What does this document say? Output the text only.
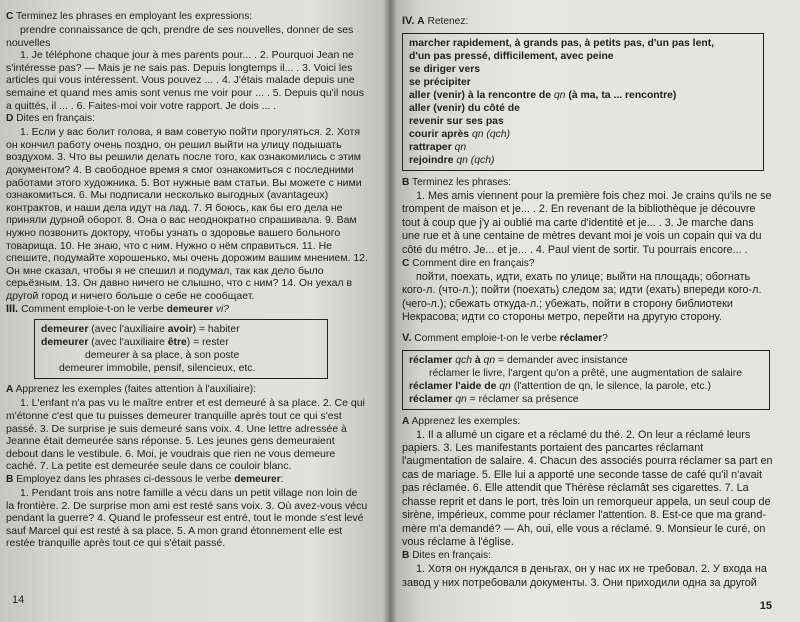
C Terminez les phrases en employant les expressions:

prendre connaissance de qch, prendre de ses nouvelles, donner de ses nouvelles

1. Je téléphone chaque jour à mes parents pour... . 2. Pourquoi Jean ne s'intéresse pas? — Mais je ne sais pas. Depuis longtemps il... . 3. Voici les articles qui vous intéressent. Vous pouvez ... . 4. J'étais malade depuis une semaine et quand mes amis sont venus me voir pour ... . 5. Depuis qu'il nous a quittés, il ... . 6. Faites-moi voir votre rapport. Je dois ... .

D Dites en français:

1. Если у вас болит голова, я вам советую пойти прогуляться. 2. Хотя он кончил работу очень поздно, он решил выйти на улицу подышать воздухом. 3. Что вы решили делать после того, как ознакомились с этим документом? 4. В свободное время я смог ознакомиться с последними работами этого художника. 5. Вот нужные вам статьи. Вы можете с ними ознакомиться. 6. Мы подписали несколько выгодных (avantageux) контрактов, и наши дела идут на лад. 7. Я боюсь, как бы его дела не приняли дурной оборот. 8. Она о вас неоднократно спрашивала. 9. Вам нужно позвонить доктору, чтобы узнать о здоровье вашего больного товарища. 10. Не знаю, что с ним. Нужно о нём справиться. 11. Не спешите, подумайте хорошенько, мы очень дорожим вашим мнением. 12. Он мне сказал, чтобы я не спешил и подумал, так как дело было серьёзным. 13. Он давно ничего не слышно, что с ним? 14. Он уехал в другой город и ничего больше о себе не сообщает.

III. Comment emploie-t-on le verbe demeurer vi?

demeurer (avec l'auxiliaire avoir) = habiter
demeurer (avec l'auxiliaire être) = rester
demeurer à sa place, à son poste
demeurer immobile, pensif, silencieux, etc.

A Apprenez les exemples (faites attention à l'auxiliaire):

1. L'enfant n'a pas vu le maître entrer et est demeuré à sa place. 2. Ce qui m'étonne c'est que tu puisses demeurer tranquille après tout ce qui s'est passé. 3. De surprise je suis demeuré sans voix. 4. Une lettre adressée à Jeanne était demeurée sans réponse. 5. Les jeunes gens demeuraient debout dans le vestibule. 6. Moi, je voudrais que rien ne vous demeure caché. 7. La petite est demeurée seule dans ce couloir blanc.

B Employez dans les phrases ci-dessous le verbe demeurer:

1. Pendant trois ans notre famille a vécu dans un petit village non loin de la frontière. 2. De surprise mon ami est resté sans voix. 3. Où avez-vous vécu pendant la guerre? 4. Quand le professeur est entré, tout le monde s'est levé sauf Marcel qui est resté à sa place. 5. A mon grand étonnement elle est restée tranquille après tout ce qui s'était passé.

14

IV. A Retenez:

marcher rapidement, à grands pas, à petits pas, d'un pas lent,
d'un pas pressé, difficilement, avec peine
se diriger vers
se précipiter
aller (venir) à la rencontre de qn (à ma, ta ... rencontre)
aller (venir) du côté de
revenir sur ses pas
courir après qn (qch)
rattraper qn
rejoindre qn (qch)

B Terminez les phrases:

1. Mes amis viennent pour la première fois chez moi. Je crains qu'ils ne se trompent de maison et je... . 2. En revenant de la bibliothèque je découvre tout à coup que j'y ai oublié ma carte d'identité et je... . 3. Je marche dans une rue et à une centaine de mètres devant moi je vois un copain qui va du côté du métro. Je... et je... . 4. Paul vient de sortir. Tu pourrais encore... .

C Comment dire en français?

пойти, поехать, идти, ехать по улице; выйти на площадь; обогнать кого-л. (что-л.); пойти (поехать) следом за; идти (ехать) впереди кого-л. (чего-л.); сбежать откуда-л.; убежать, пойти в сторону библиотеки Некрасова; идти со стороны метро, перейти на другую сторону.

V. Comment emploie-t-on le verbe réclamer?

réclamer qch à qn = demander avec insistance
réclamer le livre, l'argent qu'on a prêté, une augmentation de salaire
réclamer l'aide de qn (l'attention de qn, le silence, la parole, etc.)
réclamer qn = réclamer sa présence

A Apprenez les exemples:

1. Il a allumé un cigare et a réclamé du thé. 2. On leur a réclamé leurs papiers. 3. Les manifestants portaient des pancartes réclamant l'augmentation de salaire. 4. Chacun des associés pourra réclamer sa part en cas de mariage. 5. Elle lui a apporté une seconde tasse de café qu'il n'avait pas réclamée. 6. Elle attendit que Thérèse réclamât ses cigarettes. 7. La chasse reprit et dans le port, très loin un remorqueur appela, un seul coup de sirène, impérieux, comme pour réclamer l'attention. 8. Est-ce que ma grand-mère m'a demandé? — Ah, oui, elle vous a réclamé. 9. Monsieur le curé, on vous réclame à l'église.

B Dites en français:

1. Хотя он нуждался в деньгах, он у нас их не требовал. 2. У входа на завод у них потребовали документы. 3. Они приходили одна за другой

15
